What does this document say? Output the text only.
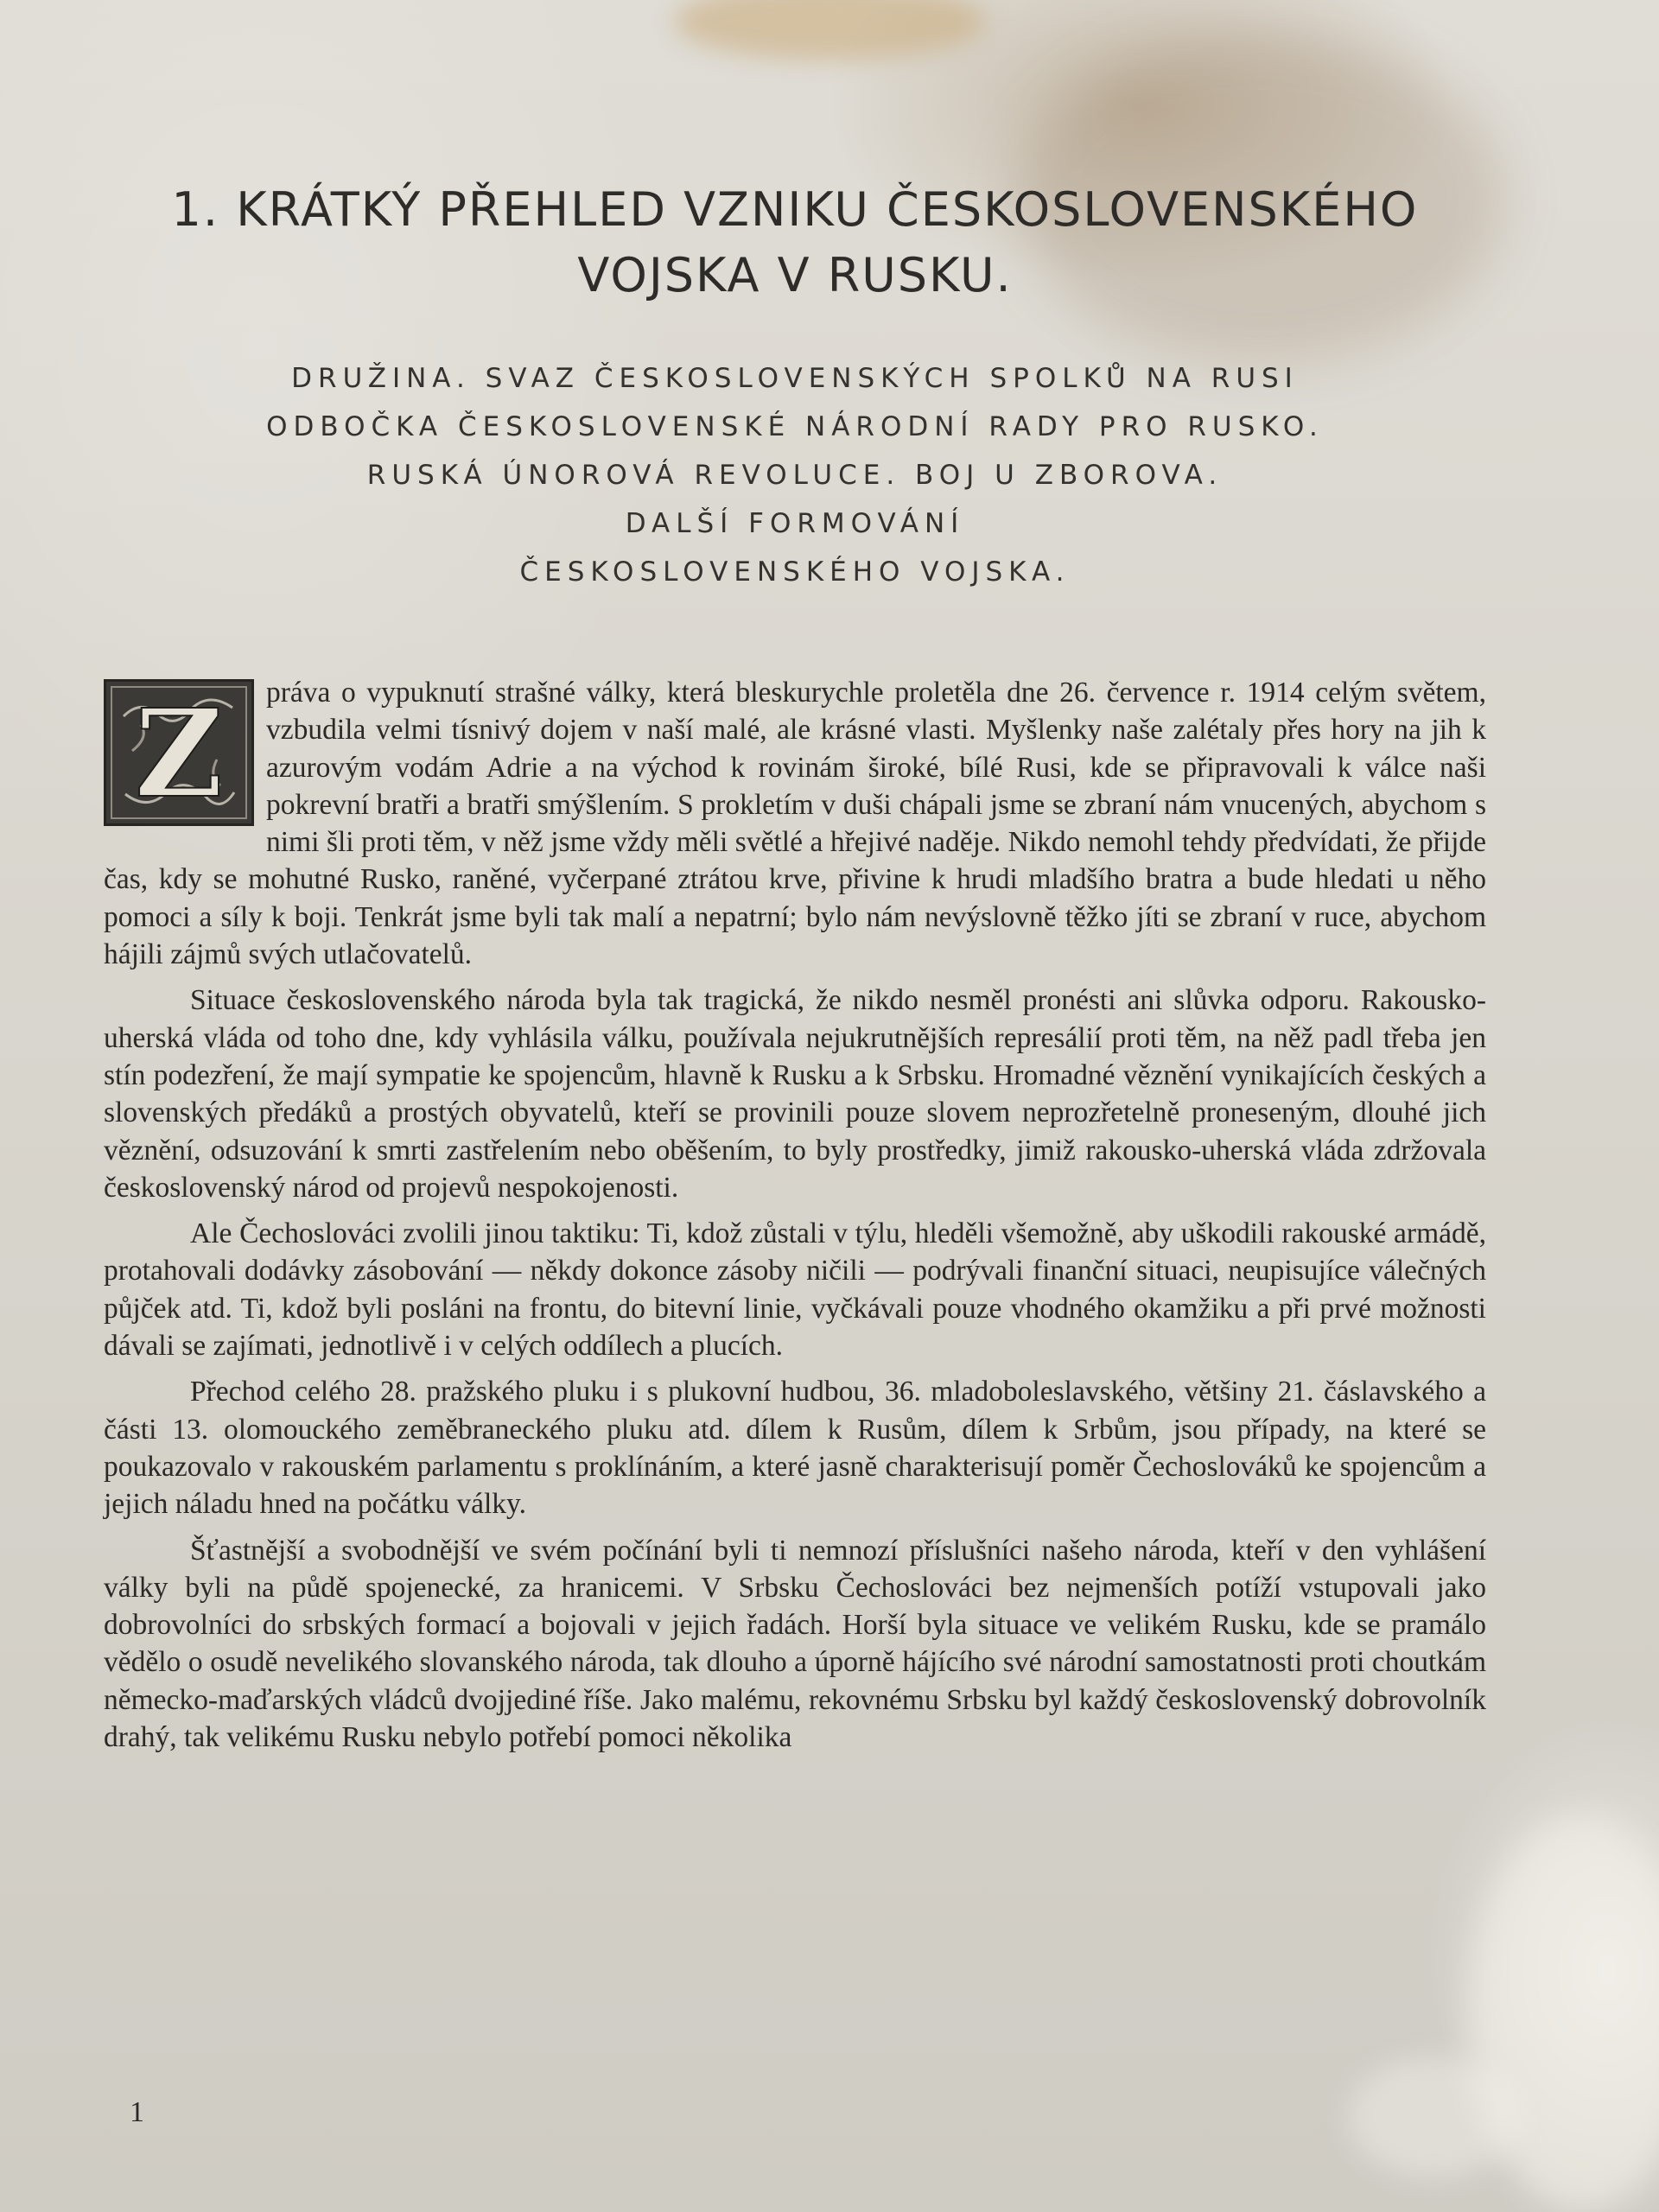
1. KRÁTKÝ PŘEHLED VZNIKU ČESKOSLOVENSKÉHO
VOJSKA V RUSKU.
DRUŽINA. SVAZ ČESKOSLOVENSKÝCH SPOLKŮ NA RUSI
ODBOČKA ČESKOSLOVENSKÉ NÁRODNÍ RADY PRO RUSKO.
RUSKÁ ÚNOROVÁ REVOLUCE. BOJ U ZBOROVA.
DALŠÍ FORMOVÁNÍ
ČESKOSLOVENSKÉHO VOJSKA.

Z práva o vypuknutí strašné války, která bleskurychle proletěla dne 26. července r. 1914 celým světem, vzbudila velmi tísnivý dojem v naší malé, ale krásné vlasti. Myšlenky naše zalétaly přes hory na jih k azurovým vodám Adrie a na východ k rovinám široké, bílé Rusi, kde se připravovali k válce naši pokrevní bratři a bratři smýšlením. S prokletím v duši chápali jsme se zbraní nám vnucených, abychom s nimi šli proti těm, v něž jsme vždy měli světlé a hřejivé naděje. Nikdo nemohl tehdy předvídati, že přijde čas, kdy se mohutné Rusko, raněné, vyčerpané ztrátou krve, přivine k hrudi mladšího bratra a bude hledati u něho pomoci a síly k boji. Tenkrát jsme byli tak malí a nepatrní; bylo nám nevýslovně těžko jíti se zbraní v ruce, abychom hájili zájmů svých utlačovatelů.

Situace československého národa byla tak tragická, že nikdo nesměl pronésti ani slůvka odporu. Rakousko-uherská vláda od toho dne, kdy vyhlásila válku, používala nejukrutnějších represálií proti těm, na něž padl třeba jen stín podezření, že mají sympatie ke spojencům, hlavně k Rusku a k Srbsku. Hromadné věznění vynikajících českých a slovenských předáků a prostých obyvatelů, kteří se provinili pouze slovem neprozřetelně proneseným, dlouhé jich věznění, odsuzování k smrti zastřelením nebo oběšením, to byly prostředky, jimiž rakousko-uherská vláda zdržovala československý národ od projevů nespokojenosti.

Ale Čechoslováci zvolili jinou taktiku: Ti, kdož zůstali v týlu, hleděli všemožně, aby uškodili rakouské armádě, protahovali dodávky zásobování — někdy dokonce zásoby ničili — podrývali finanční situaci, neupisujíce válečných půjček atd. Ti, kdož byli posláni na frontu, do bitevní linie, vyčkávali pouze vhodného okamžiku a při prvé možnosti dávali se zajímati, jednotlivě i v celých oddílech a plucích.

Přechod celého 28. pražského pluku i s plukovní hudbou, 36. mladoboleslavského, většiny 21. čáslavského a části 13. olomouckého zeměbraneckého pluku atd. dílem k Rusům, dílem k Srbům, jsou případy, na které se poukazovalo v rakouském parlamentu s proklínáním, a které jasně charakterisují poměr Čechoslováků ke spojencům a jejich náladu hned na počátku války.

Šťastnější a svobodnější ve svém počínání byli ti nemnozí příslušníci našeho národa, kteří v den vyhlášení války byli na půdě spojenecké, za hranicemi. V Srbsku Čechoslováci bez nejmenších potíží vstupovali jako dobrovolníci do srbských formací a bojovali v jejich řadách. Horší byla situace ve velikém Rusku, kde se pramálo vědělo o osudě nevelikého slovanského národa, tak dlouho a úporně hájícího své národní samostatnosti proti choutkám německo-maďarských vládců dvojjediné říše. Jako malému, rekovnému Srbsku byl každý československý dobrovolník drahý, tak velikému Rusku nebylo potřebí pomoci několika

1
